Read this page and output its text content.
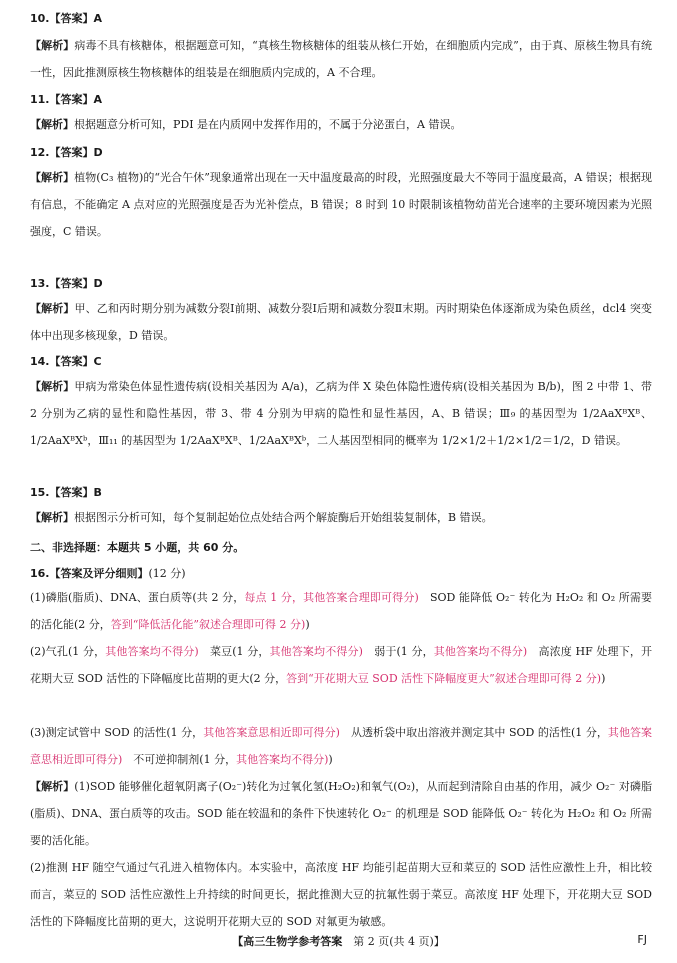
10.【答案】A
【解析】病毒不具有核糖体，根据题意可知，“真核生物核糖体的组装从核仁开始，在细胞质内完成”，由于真、原核生物具有统一性，因此推测原核生物核糖体的组装是在细胞质内完成的，A 不合理。
11.【答案】A
【解析】根据题意分析可知，PDI 是在内质网中发挥作用的，不属于分泌蛋白，A 错误。
12.【答案】D
【解析】植物(C₃ 植物)的“光合午休”现象通常出现在一天中温度最高的时段，光照强度最大不等同于温度最高，A 错误；根据现有信息，不能确定 A 点对应的光照强度是否为光补偿点，B 错误；8 时到 10 时限制该植物幼苗光合速率的主要环境因素为光照强度，C 错误。
13.【答案】D
【解析】甲、乙和丙时期分别为减数分裂Ⅰ前期、减数分裂Ⅰ后期和减数分裂Ⅱ末期。丙时期染色体逐渐成为染色质丝，dcl4 突变体中出现多核现象，D 错误。
14.【答案】C
【解析】甲病为常染色体显性遗传病(设相关基因为 A/a)，乙病为伴 X 染色体隐性遗传病(设相关基因为 B/b)，图 2 中带 1、带 2 分别为乙病的显性和隐性基因，带 3、带 4 分别为甲病的隐性和显性基因，A、B 错误；Ⅲ₉ 的基因型为 1/2AaXᴮXᴮ、1/2AaXᴮXᵇ，Ⅲ₁₁ 的基因型为 1/2AaXᴮXᴮ、1/2AaXᴮXᵇ，二人基因型相同的概率为 1/2×1/2＋1/2×1/2＝1/2，D 错误。
15.【答案】B
【解析】根据图示分析可知，每个复制起始位点处结合两个解旋酶后开始组装复制体，B 错误。
二、非选择题：本题共 5 小题，共 60 分。
16.【答案及评分细则】(12 分)
(1)磷脂(脂质)、DNA、蛋白质等(共 2 分，每点 1 分，其他答案合理即可得分)　SOD 能降低 O₂⁻ 转化为 H₂O₂ 和 O₂ 所需要的活化能(2 分，答到“降低活化能”叙述合理即可得 2 分))
(2)气孔(1 分，其他答案均不得分)　菜豆(1 分，其他答案均不得分)　弱于(1 分，其他答案均不得分)　高浓度 HF 处理下，开花期大豆 SOD 活性的下降幅度比苗期的更大(2 分，答到“开花期大豆 SOD 活性下降幅度更大”叙述合理即可得 2 分))
(3)测定试管中 SOD 的活性(1 分，其他答案意思相近即可得分)　从透析袋中取出溶液并测定其中 SOD 的活性(1 分，其他答案意思相近即可得分)　不可逆抑制剂(1 分，其他答案均不得分))
【解析】(1)SOD 能够催化超氧阴离子(O₂⁻)转化为过氧化氢(H₂O₂)和氧气(O₂)，从而起到清除自由基的作用，减少 O₂⁻ 对磷脂(脂质)、DNA、蛋白质等的攻击。SOD 能在较温和的条件下快速转化 O₂⁻ 的机理是 SOD 能降低 O₂⁻ 转化为 H₂O₂ 和 O₂ 所需要的活化能。
(2)推测 HF 随空气通过气孔进入植物体内。本实验中，高浓度 HF 均能引起苗期大豆和菜豆的 SOD 活性应激性上升，相比较而言，菜豆的 SOD 活性应激性上升持续的时间更长，据此推测大豆的抗氟性弱于菜豆。高浓度 HF 处理下，开花期大豆 SOD 活性的下降幅度比苗期的更大，这说明开花期大豆的 SOD 对氟更为敏感。
【高三生物学参考答案　第 2 页(共 4 页)】	FJ
